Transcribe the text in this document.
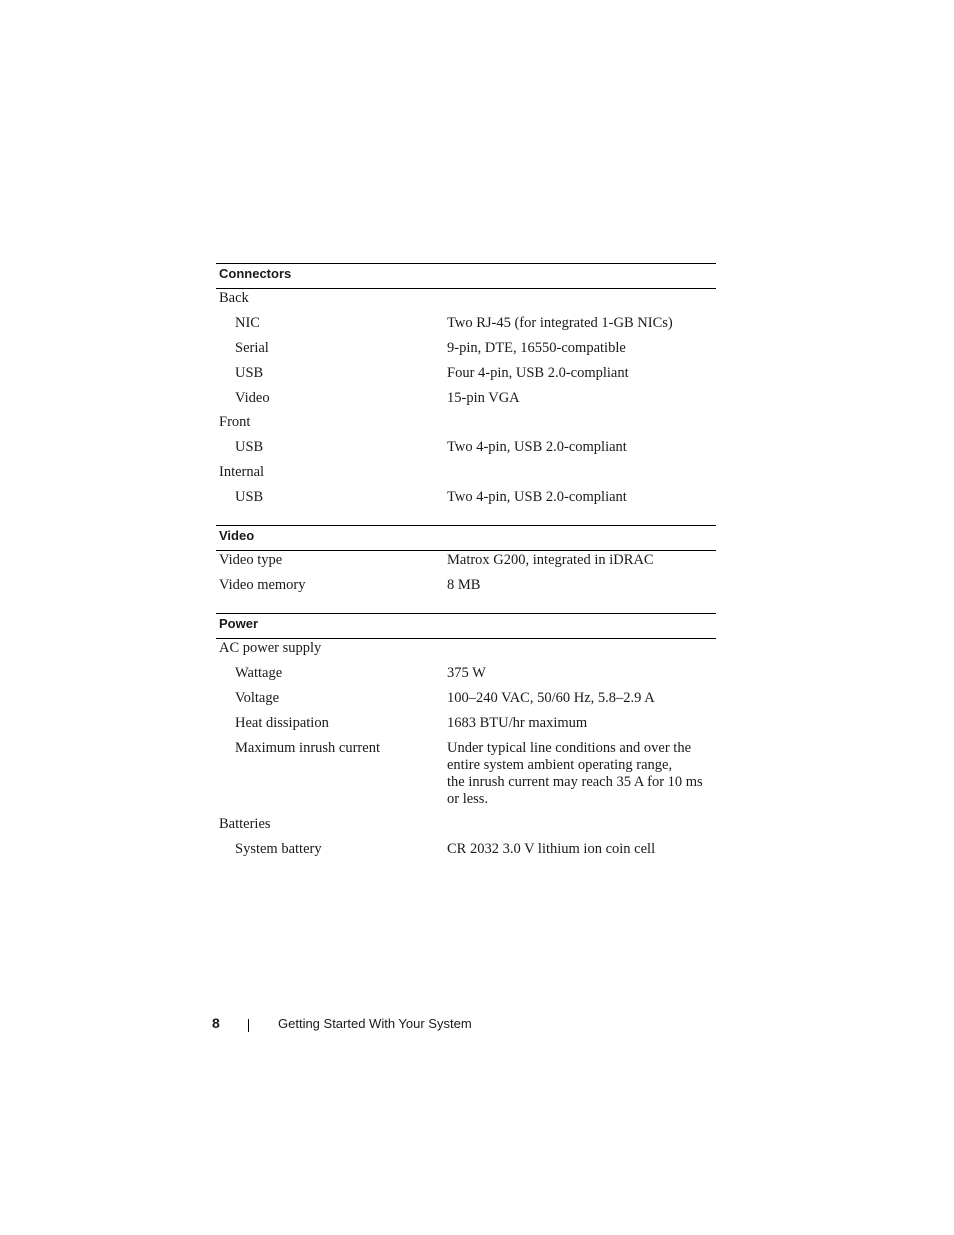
Connectors
Back
NIC	Two RJ-45 (for integrated 1-GB NICs)
Serial	9-pin, DTE, 16550-compatible
USB	Four 4-pin, USB 2.0-compliant
Video	15-pin VGA
Front
USB	Two 4-pin, USB 2.0-compliant
Internal
USB	Two 4-pin, USB 2.0-compliant
Video
Video type	Matrox G200, integrated in iDRAC
Video memory	8 MB
Power
AC power supply
Wattage	375 W
Voltage	100–240 VAC, 50/60 Hz, 5.8–2.9 A
Heat dissipation	1683 BTU/hr maximum
Maximum inrush current	Under typical line conditions and over the
entire system ambient operating range,
the inrush current may reach 35 A for 10 ms
or less.
Batteries
System battery	CR 2032 3.0 V lithium ion coin cell
8	Getting Started With Your System
